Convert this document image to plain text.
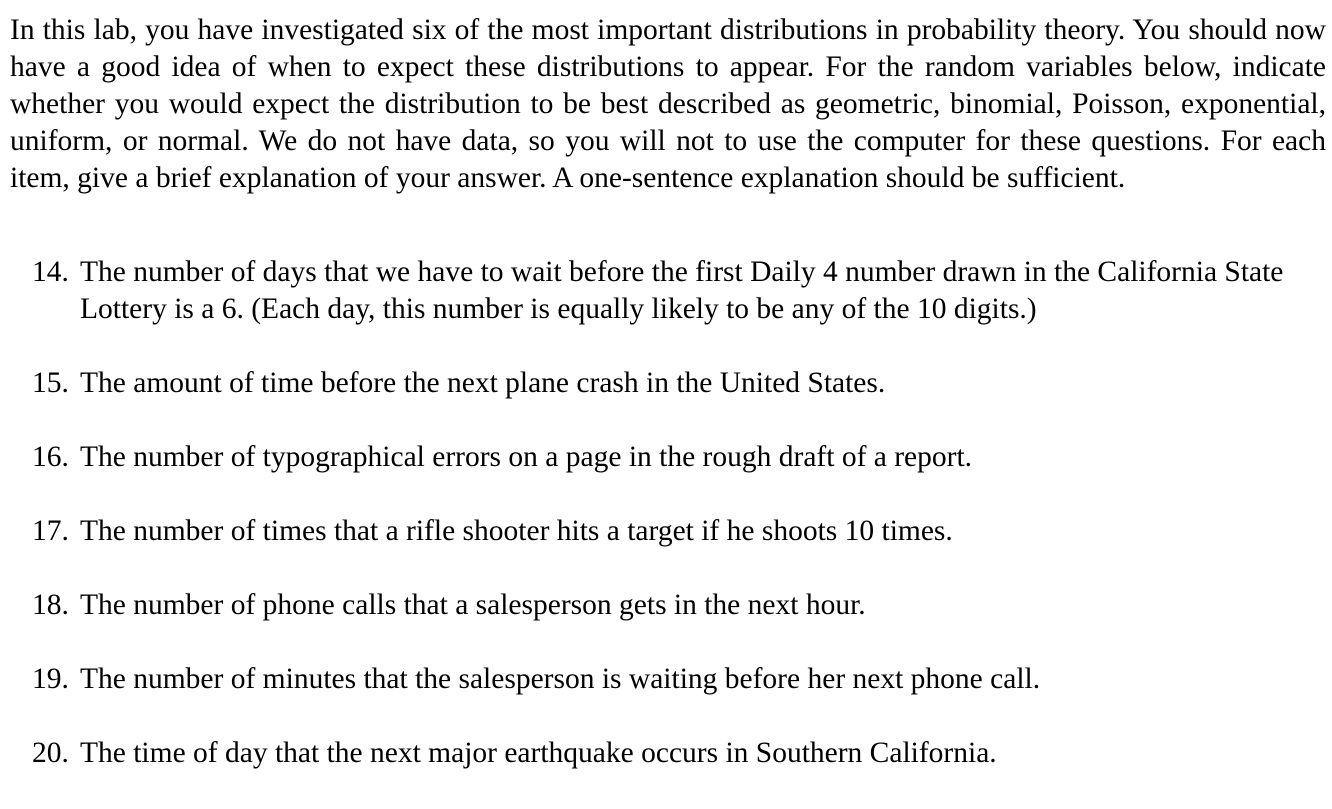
In this lab, you have investigated six of the most important distributions in probability theory. You should now have a good idea of when to expect these distributions to appear. For the random variables below, indicate whether you would expect the distribution to be best described as geometric, binomial, Poisson, exponential, uniform, or normal. We do not have data, so you will not to use the computer for these questions. For each item, give a brief explanation of your answer. A one-sentence explanation should be sufficient.

14. The number of days that we have to wait before the first Daily 4 number drawn in the California State Lottery is a 6. (Each day, this number is equally likely to be any of the 10 digits.)
15. The amount of time before the next plane crash in the United States.
16. The number of typographical errors on a page in the rough draft of a report.
17. The number of times that a rifle shooter hits a target if he shoots 10 times.
18. The number of phone calls that a salesperson gets in the next hour.
19. The number of minutes that the salesperson is waiting before her next phone call.
20. The time of day that the next major earthquake occurs in Southern California.
